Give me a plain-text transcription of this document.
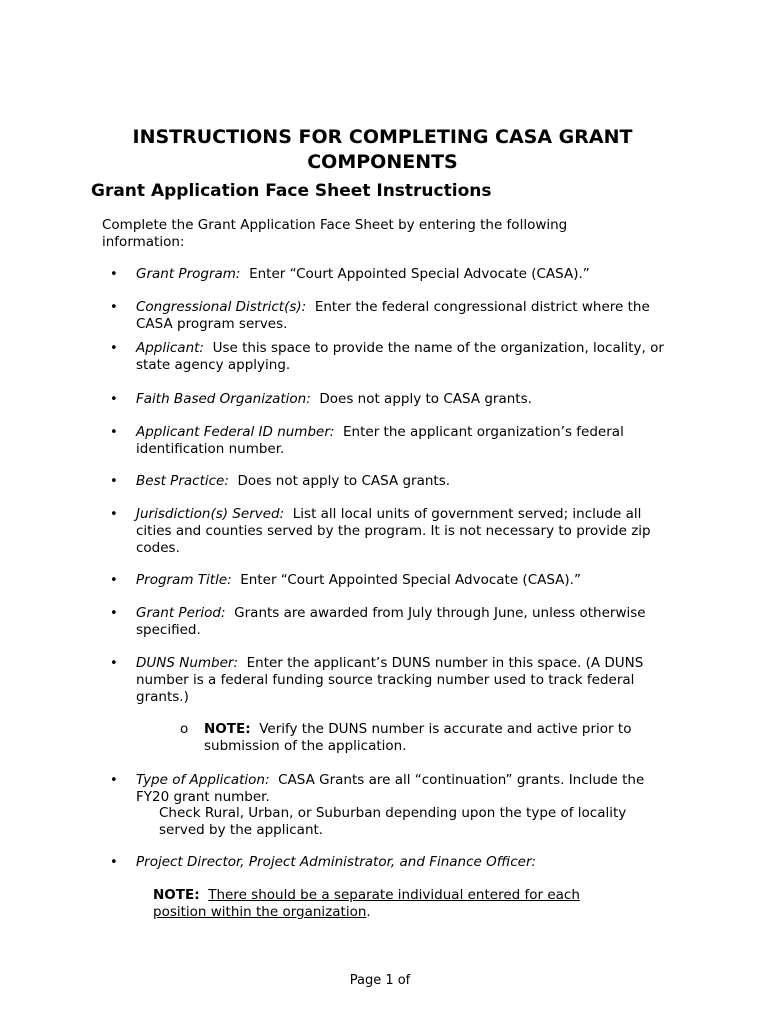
INSTRUCTIONS FOR COMPLETING CASA GRANT COMPONENTS
Grant Application Face Sheet Instructions
Complete the Grant Application Face Sheet by entering the following information:
• Grant Program: Enter “Court Appointed Special Advocate (CASA).”
• Congressional District(s): Enter the federal congressional district where the CASA program serves.
• Applicant: Use this space to provide the name of the organization, locality, or state agency applying.
• Faith Based Organization: Does not apply to CASA grants.
• Applicant Federal ID number: Enter the applicant organization’s federal identification number.
• Best Practice: Does not apply to CASA grants.
• Jurisdiction(s) Served: List all local units of government served; include all cities and counties served by the program. It is not necessary to provide zip codes.
• Program Title: Enter “Court Appointed Special Advocate (CASA).”
• Grant Period: Grants are awarded from July through June, unless otherwise specified.
• DUNS Number: Enter the applicant’s DUNS number in this space. (A DUNS number is a federal funding source tracking number used to track federal grants.)
o NOTE: Verify the DUNS number is accurate and active prior to submission of the application.
• Type of Application: CASA Grants are all “continuation” grants. Include the FY20 grant number.
Check Rural, Urban, or Suburban depending upon the type of locality served by the applicant.
• Project Director, Project Administrator, and Finance Officer:
NOTE: There should be a separate individual entered for each position within the organization.
Page 1 of
